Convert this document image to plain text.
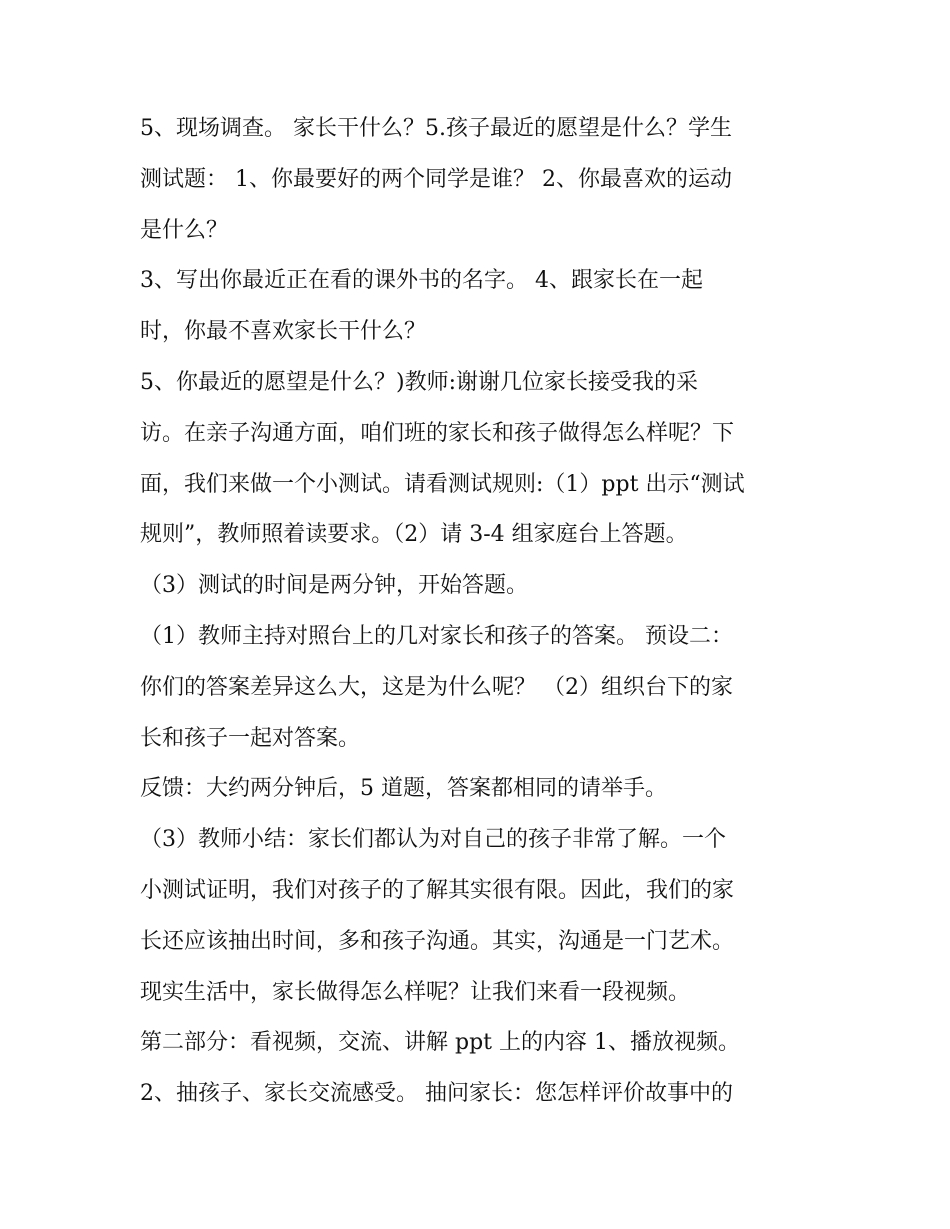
5、现场调查。 家长干什么？5.孩子最近的愿望是什么？学生
测试题： 1、你最要好的两个同学是谁？ 2、你最喜欢的运动
是什么？
3、写出你最近正在看的课外书的名字。 4、跟家长在一起
时，你最不喜欢家长干什么？
5、你最近的愿望是什么？)教师:谢谢几位家长接受我的采
访。在亲子沟通方面，咱们班的家长和孩子做得怎么样呢？下
面，我们来做一个小测试。请看测试规则:（1）ppt 出示“测试
规则”，教师照着读要求。（2）请 3-4 组家庭台上答题。
（3）测试的时间是两分钟，开始答题。
（1）教师主持对照台上的几对家长和孩子的答案。 预设二：
你们的答案差异这么大，这是为什么呢？ （2）组织台下的家
长和孩子一起对答案。
反馈：大约两分钟后，5 道题，答案都相同的请举手。
（3）教师小结：家长们都认为对自己的孩子非常了解。一个
小测试证明，我们对孩子的了解其实很有限。因此，我们的家
长还应该抽出时间，多和孩子沟通。其实，沟通是一门艺术。
现实生活中，家长做得怎么样呢？让我们来看一段视频。
第二部分：看视频，交流、讲解 ppt 上的内容 1、播放视频。
2、抽孩子、家长交流感受。 抽问家长：您怎样评价故事中的
